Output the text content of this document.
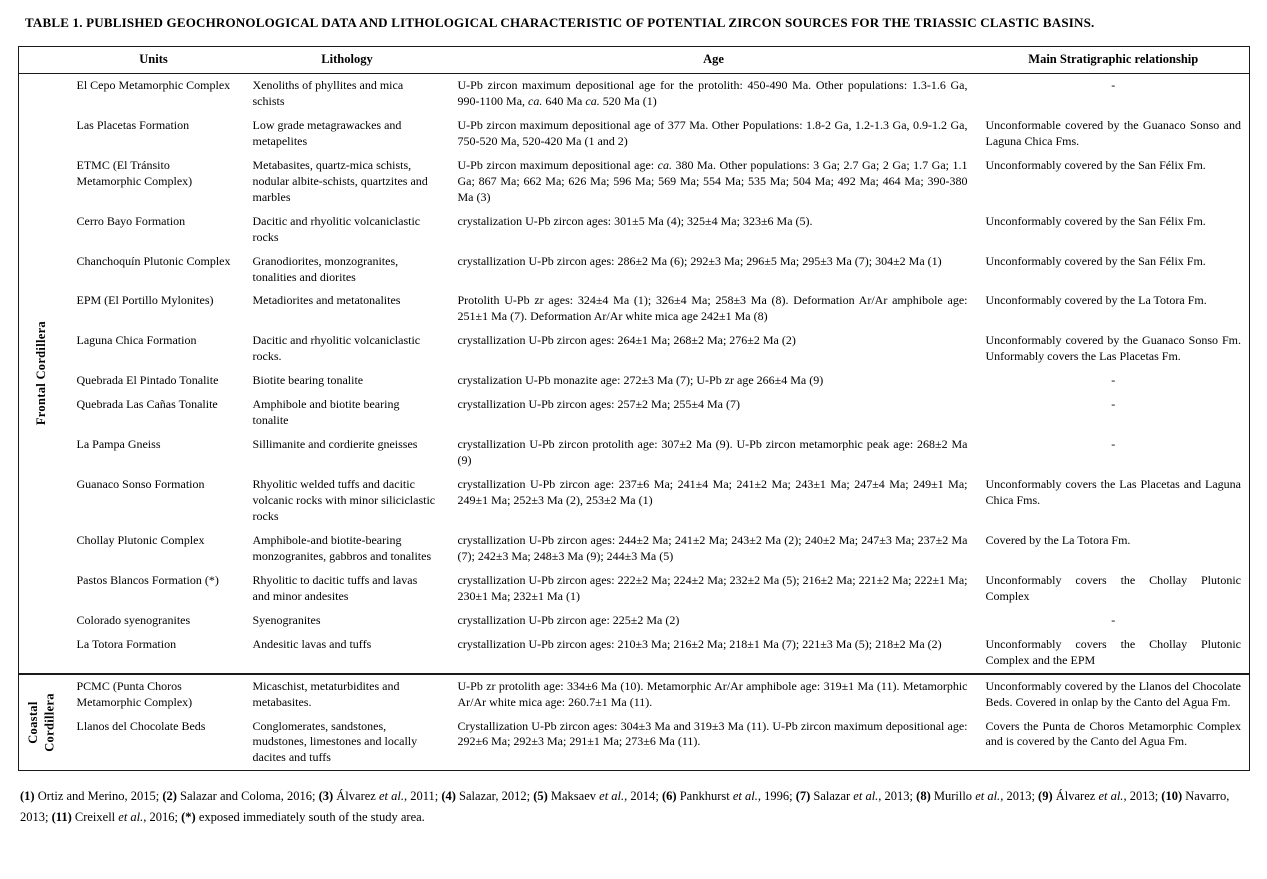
TABLE 1. PUBLISHED GEOCHRONOLOGICAL DATA AND LITHOLOGICAL CHARACTERISTIC OF POTENTIAL ZIRCON SOURCES FOR THE TRIASSIC CLASTIC BASINS.
	Units	Lithology	Age	Main Stratigraphic relationship

Frontal Cordillera	El Cepo Metamorphic Complex	Xenoliths of phyllites and mica schists	U-Pb zircon maximum depositional age for the protolith: 450-490 Ma. Other populations: 1.3-1.6 Ga, 990-1100 Ma, ca. 640 Ma ca. 520 Ma (1)	-
	Las Placetas Formation	Low grade metagrawackes and metapelites	U-Pb zircon maximum depositional age of 377 Ma. Other Populations: 1.8-2 Ga, 1.2-1.3 Ga, 0.9-1.2 Ga, 750-520 Ma, 520-420 Ma (1 and 2)	Unconformable covered by the Guanaco Sonso and Laguna Chica Fms.
	ETMC (El Tránsito Metamorphic Complex)	Metabasites, quartz-mica schists, nodular albite-schists, quartzites and marbles	U-Pb zircon maximum depositional age: ca. 380 Ma. Other populations: 3 Ga; 2.7 Ga; 2 Ga; 1.7 Ga; 1.1 Ga; 867 Ma; 662 Ma; 626 Ma; 596 Ma; 569 Ma; 554 Ma; 535 Ma; 504 Ma; 492 Ma; 464 Ma; 390-380 Ma (3)	Unconformably covered by the San Félix Fm.
	Cerro Bayo Formation	Dacitic and rhyolitic volcaniclastic rocks	crystalization U-Pb zircon ages: 301±5 Ma (4); 325±4 Ma; 323±6 Ma (5).	Unconformably covered by the San Félix Fm.
	Chanchoquín Plutonic Complex	Granodiorites, monzogranites, tonalities and diorites	crystallization U-Pb zircon ages: 286±2 Ma (6); 292±3 Ma; 296±5 Ma; 295±3 Ma (7); 304±2 Ma (1)	Unconformably covered by the San Félix Fm.
	EPM (El Portillo Mylonites)	Metadiorites and metatonalites	Protolith U-Pb zr ages: 324±4 Ma (1); 326±4 Ma; 258±3 Ma (8). Deformation Ar/Ar amphibole age: 251±1 Ma (7). Deformation Ar/Ar white mica age 242±1 Ma (8)	Unconformably covered by the La Totora Fm.
	Laguna Chica Formation	Dacitic and rhyolitic volcaniclastic rocks.	crystallization U-Pb zircon ages: 264±1 Ma; 268±2 Ma; 276±2 Ma (2)	Unconformably covered by the Guanaco Sonso Fm. Unformably covers the Las Placetas Fm.
	Quebrada El Pintado Tonalite	Biotite bearing tonalite	crystalization U-Pb monazite age: 272±3 Ma (7); U-Pb zr age 266±4 Ma (9)	-
	Quebrada Las Cañas Tonalite	Amphibole and biotite bearing tonalite	crystallization U-Pb zircon ages: 257±2 Ma; 255±4 Ma (7)	-
	La Pampa Gneiss	Sillimanite and cordierite gneisses	crystallization U-Pb zircon protolith age: 307±2 Ma (9). U-Pb zircon metamorphic peak age: 268±2 Ma (9)	-
	Guanaco Sonso Formation	Rhyolitic welded tuffs and dacitic volcanic rocks with minor siliciclastic rocks	crystallization U-Pb zircon age: 237±6 Ma; 241±4 Ma; 241±2 Ma; 243±1 Ma; 247±4 Ma; 249±1 Ma; 249±1 Ma; 252±3 Ma (2), 253±2 Ma (1)	Unconformably covers the Las Placetas and Laguna Chica Fms.
	Chollay Plutonic Complex	Amphibole-and biotite-bearing monzogranites, gabbros and tonalites	crystallization U-Pb zircon ages: 244±2 Ma; 241±2 Ma; 243±2 Ma (2); 240±2 Ma; 247±3 Ma; 237±2 Ma (7); 242±3 Ma; 248±3 Ma (9); 244±3 Ma (5)	Covered by the La Totora Fm.
	Pastos Blancos Formation (*)	Rhyolitic to dacitic tuffs and lavas and minor andesites	crystallization U-Pb zircon ages: 222±2 Ma; 224±2 Ma; 232±2 Ma (5); 216±2 Ma; 221±2 Ma; 222±1 Ma; 230±1 Ma; 232±1 Ma (1)	Unconformably covers the Chollay Plutonic Complex
	Colorado syenogranites	Syenogranites	crystallization U-Pb zircon age: 225±2 Ma (2)	-
	La Totora Formation	Andesitic lavas and tuffs	crystallization U-Pb zircon ages: 210±3 Ma; 216±2 Ma; 218±1 Ma (7); 221±3 Ma (5); 218±2 Ma (2)	Unconformably covers the Chollay Plutonic Complex and the EPM

Coastal Cordillera	PCMC (Punta Choros Metamorphic Complex)	Micaschist, metaturbidites and metabasites.	U-Pb zr protolith age: 334±6 Ma (10). Metamorphic Ar/Ar amphibole age: 319±1 Ma (11). Metamorphic Ar/Ar white mica age: 260.7±1 Ma (11).	Unconformably covered by the Llanos del Chocolate Beds. Covered in onlap by the Canto del Agua Fm.
	Llanos del Chocolate Beds	Conglomerates, sandstones, mudstones, limestones and locally dacites and tuffs	Crystallization U-Pb zircon ages: 304±3 Ma and 319±3 Ma (11). U-Pb zircon maximum depositional age: 292±6 Ma; 292±3 Ma; 291±1 Ma; 273±6 Ma (11).	Covers the Punta de Choros Metamorphic Complex and is covered by the Canto del Agua Fm.
(1) Ortiz and Merino, 2015; (2) Salazar and Coloma, 2016; (3) Álvarez et al., 2011; (4) Salazar, 2012; (5) Maksaev et al., 2014; (6) Pankhurst et al., 1996; (7) Salazar et al., 2013; (8) Murillo et al., 2013; (9) Álvarez et al., 2013; (10) Navarro, 2013; (11) Creixell et al., 2016; (*) exposed immediately south of the study area.
